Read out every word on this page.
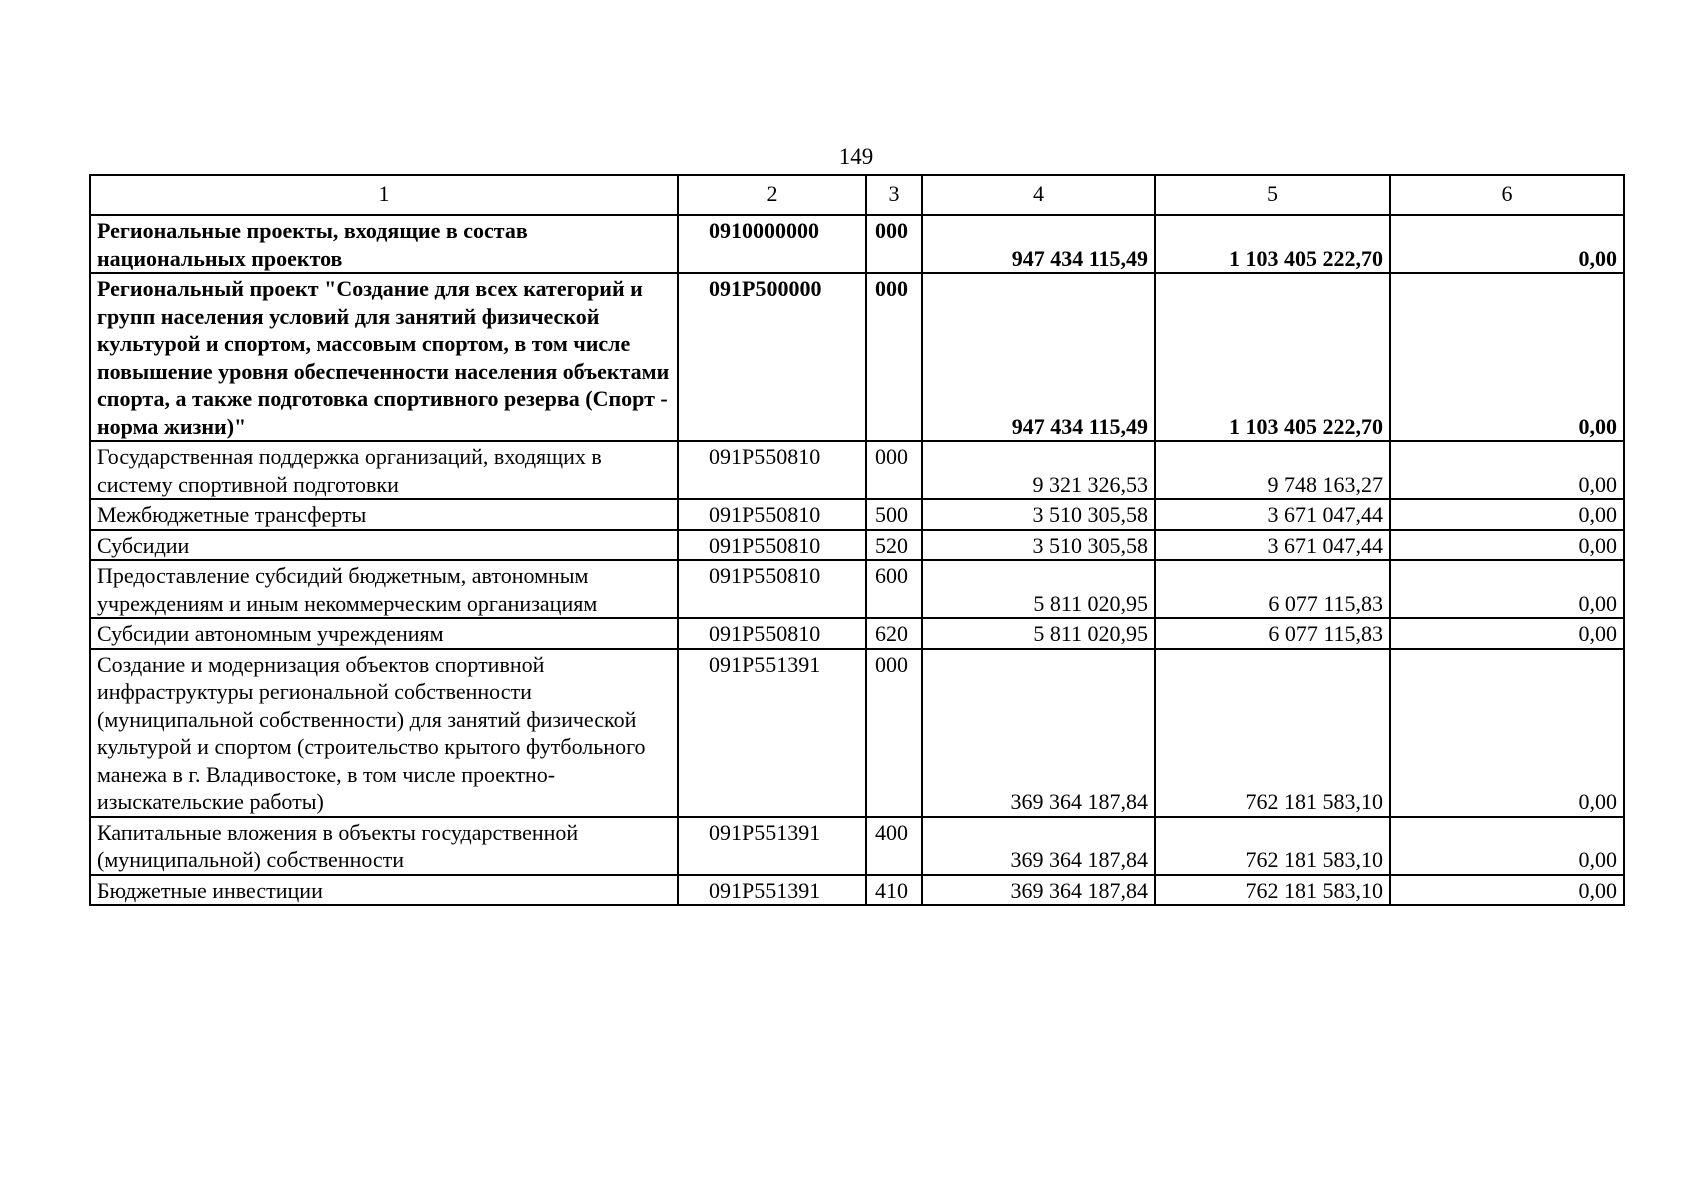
149
1	2	3	4	5	6
Региональные проекты, входящие в состав национальных проектов	0910000000	000	947 434 115,49	1 103 405 222,70	0,00
Региональный проект "Создание для всех категорий и групп населения условий для занятий физической культурой и спортом, массовым спортом, в том числе повышение уровня обеспеченности населения объектами спорта, а также подготовка спортивного резерва (Спорт - норма жизни)"	091P500000	000	947 434 115,49	1 103 405 222,70	0,00
Государственная поддержка организаций, входящих в систему спортивной подготовки	091P550810	000	9 321 326,53	9 748 163,27	0,00
Межбюджетные трансферты	091P550810	500	3 510 305,58	3 671 047,44	0,00
Субсидии	091P550810	520	3 510 305,58	3 671 047,44	0,00
Предоставление субсидий бюджетным, автономным учреждениям и иным некоммерческим организациям	091P550810	600	5 811 020,95	6 077 115,83	0,00
Субсидии автономным учреждениям	091P550810	620	5 811 020,95	6 077 115,83	0,00
Создание и модернизация объектов спортивной инфраструктуры региональной собственности (муниципальной собственности) для занятий физической культурой и спортом (строительство крытого футбольного манежа в г. Владивостоке, в том числе проектно-изыскательские работы)	091P551391	000	369 364 187,84	762 181 583,10	0,00
Капитальные вложения в объекты государственной (муниципальной) собственности	091P551391	400	369 364 187,84	762 181 583,10	0,00
Бюджетные инвестиции	091P551391	410	369 364 187,84	762 181 583,10	0,00
